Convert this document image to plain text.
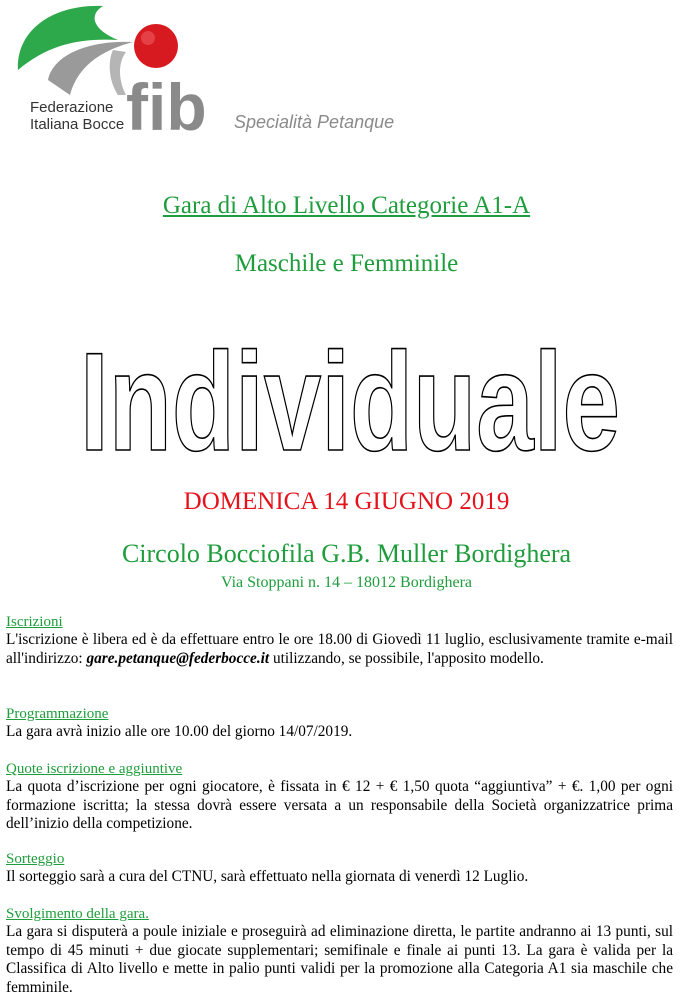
fib
Federazione
Italiana Bocce	Specialità Petanque
Gara di Alto Livello Categorie A1-A
Maschile e Femminile
Individuale
DOMENICA 14 GIUGNO 2019
Circolo Bocciofila G.B. Muller Bordighera
Via Stoppani n. 14 – 18012 Bordighera
Iscrizioni

L'iscrizione è libera ed è da effettuare entro le ore 18.00 di Giovedì 11 luglio, esclusivamente tramite e-mail all'indirizzo: gare.petanque@federbocce.it utilizzando, se possibile, l'apposito modello.

Programmazione

La gara avrà inizio alle ore 10.00 del giorno 14/07/2019.

Quote iscrizione e aggiuntive

La quota d’iscrizione per ogni giocatore, è fissata in € 12 + € 1,50 quota “aggiuntiva” + €. 1,00 per ogni formazione iscritta; la stessa dovrà essere versata a un responsabile della Società organizzatrice prima dell’inizio della competizione.

Sorteggio

Il sorteggio sarà a cura del CTNU, sarà effettuato nella giornata di venerdì 12 Luglio.

Svolgimento della gara.

La gara si disputerà a poule iniziale e proseguirà ad eliminazione diretta, le partite andranno ai 13 punti, sul tempo di 45 minuti + due giocate supplementari; semifinale e finale ai punti 13. La gara è valida per la Classifica di Alto livello e mette in palio punti validi per la promozione alla Categoria A1 sia maschile che femminile.
